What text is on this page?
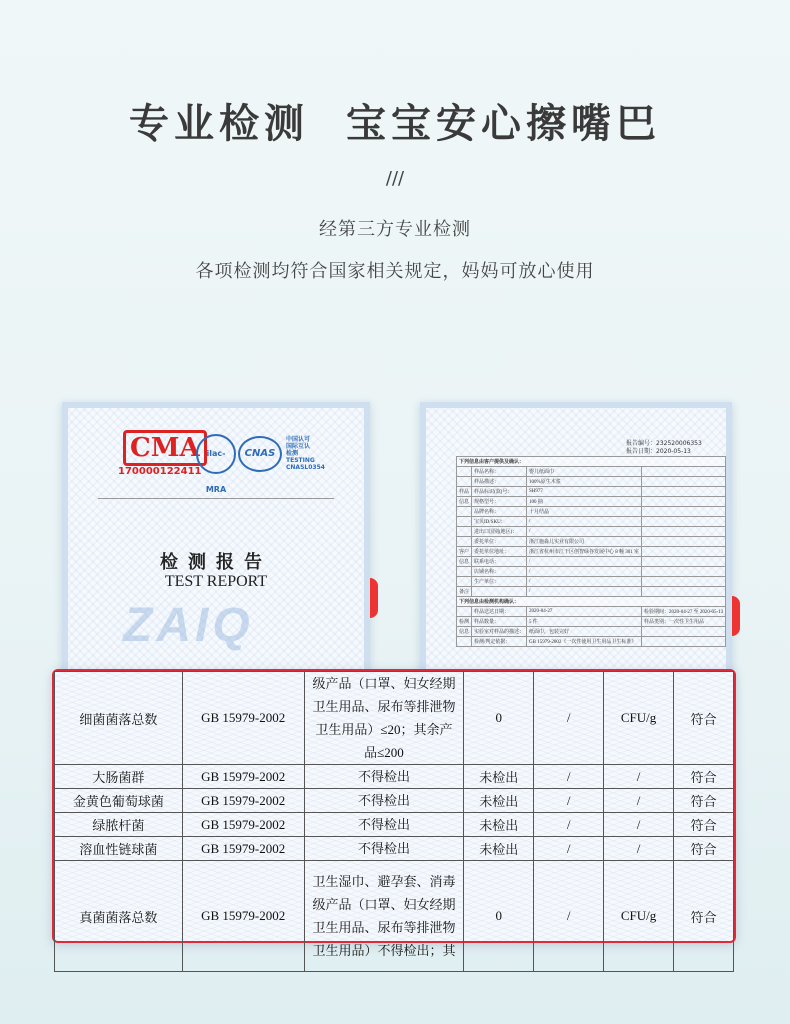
专业检测 宝宝安心擦嘴巴
///
经第三方专业检测
各项检测均符合国家相关规定，妈妈可放心使用
CMA
170000122411
ilac-MRA
CNAS
中国认可
国际互认
检测
TESTING
CNASL0354
检测报告
TEST REPORT
ZAIQ
报告编号：232520006353
报告日期：2020-05-13
下列信息由客户提供及确认：			
	样品名称：	婴儿纸面巾	
	样品描述：	100%原生木浆	
样品	样品标识(款)号：	SH977	
信息	规格型号：	100 抽	
	品牌名称：	十月结晶	
	宝贝ID/SKU：	/	
	进出口国别(地区)：	/	
	委托单位：	浙江施淼儿实业有限公司	
客户	委托单位地址：	浙江省杭州市江干区创智绿谷发展中心 8 幢 301 室	
信息	联系电话：	/	
	店铺名称：	/	
	生产单位：	/	
备注		/	
下列信息由检测机构确认：			
	样品送达日期：	2020-04-27	检验期间：2020-04-27 至 2020-05-13
检测	样品数量：	5 件	样品类别：一次性卫生用品
信息	实验室对样品的描述：	纸面巾，包装完好	
	检测/判定依据：	GB 15979-2002《一次性使用卫生用品卫生标准》	
细菌菌落总数	GB 15979-2002	级产品（口罩、妇女经期
卫生用品、尿布等排泄物
卫生用品）≤20；其余产
品≤200	0	/	CFU/g	符合
大肠菌群	GB 15979-2002	不得检出	未检出	/	/	符合
金黄色葡萄球菌	GB 15979-2002	不得检出	未检出	/	/	符合
绿脓杆菌	GB 15979-2002	不得检出	未检出	/	/	符合
溶血性链球菌	GB 15979-2002	不得检出	未检出	/	/	符合
真菌菌落总数	GB 15979-2002	卫生湿巾、避孕套、消毒
级产品（口罩、妇女经期
卫生用品、尿布等排泄物
卫生用品）不得检出；其	0	/	CFU/g	符合
